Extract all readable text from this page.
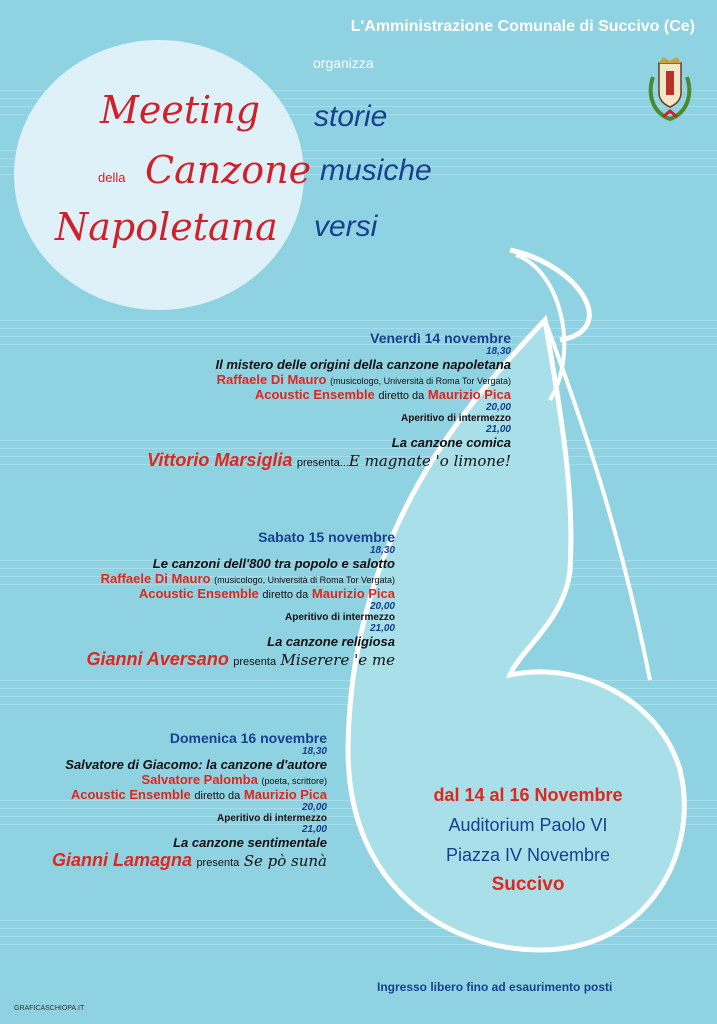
L'Amministrazione Comunale di Succivo (Ce)
organizza
Meeting
della Canzone
Napoletana
storie
musiche
versi
Venerdì 14 novembre
18,30
Il mistero delle origini della canzone napoletana
Raffaele Di Mauro (musicologo, Università di Roma Tor Vergata)
Acoustic Ensemble diretto da Maurizio Pica
20,00
Aperitivo di intermezzo
21,00
La canzone comica
Vittorio Marsiglia presenta...E magnate 'o limone!
Sabato 15 novembre
18,30
Le canzoni dell'800 tra popolo e salotto
Raffaele Di Mauro (musicologo, Università di Roma Tor Vergata)
Acoustic Ensemble diretto da Maurizio Pica
20,00
Aperitivo di intermezzo
21,00
La canzone religiosa
Gianni Aversano presenta Miserere 'e me
Domenica 16 novembre
18,30
Salvatore di Giacomo: la canzone d'autore
Salvatore Palomba (poeta, scrittore)
Acoustic Ensemble diretto da Maurizio Pica
20,00
Aperitivo di intermezzo
21,00
La canzone sentimentale
Gianni Lamagna presenta Se pò sunà
dal 14 al 16 Novembre
Auditorium Paolo VI
Piazza IV Novembre
Succivo
Ingresso libero fino ad esaurimento posti
GRAFICASCHIOPA.IT
